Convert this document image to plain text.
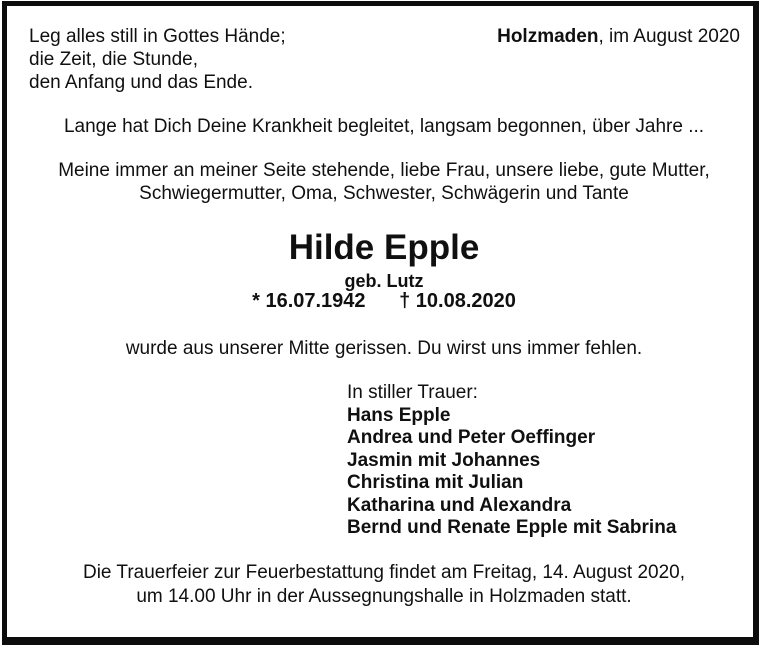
Leg alles still in Gottes Hände;
die Zeit, die Stunde,
den Anfang und das Ende.
Holzmaden, im August 2020
Lange hat Dich Deine Krankheit begleitet, langsam begonnen, über Jahre ...
Meine immer an meiner Seite stehende, liebe Frau, unsere liebe, gute Mutter,
Schwiegermutter, Oma, Schwester, Schwägerin und Tante
Hilde Epple
geb. Lutz
* 16.07.1942 † 10.08.2020
wurde aus unserer Mitte gerissen. Du wirst uns immer fehlen.
In stiller Trauer:
Hans Epple
Andrea und Peter Oeffinger
Jasmin mit Johannes
Christina mit Julian
Katharina und Alexandra
Bernd und Renate Epple mit Sabrina
Die Trauerfeier zur Feuerbestattung findet am Freitag, 14. August 2020,
um 14.00 Uhr in der Aussegnungshalle in Holzmaden statt.
